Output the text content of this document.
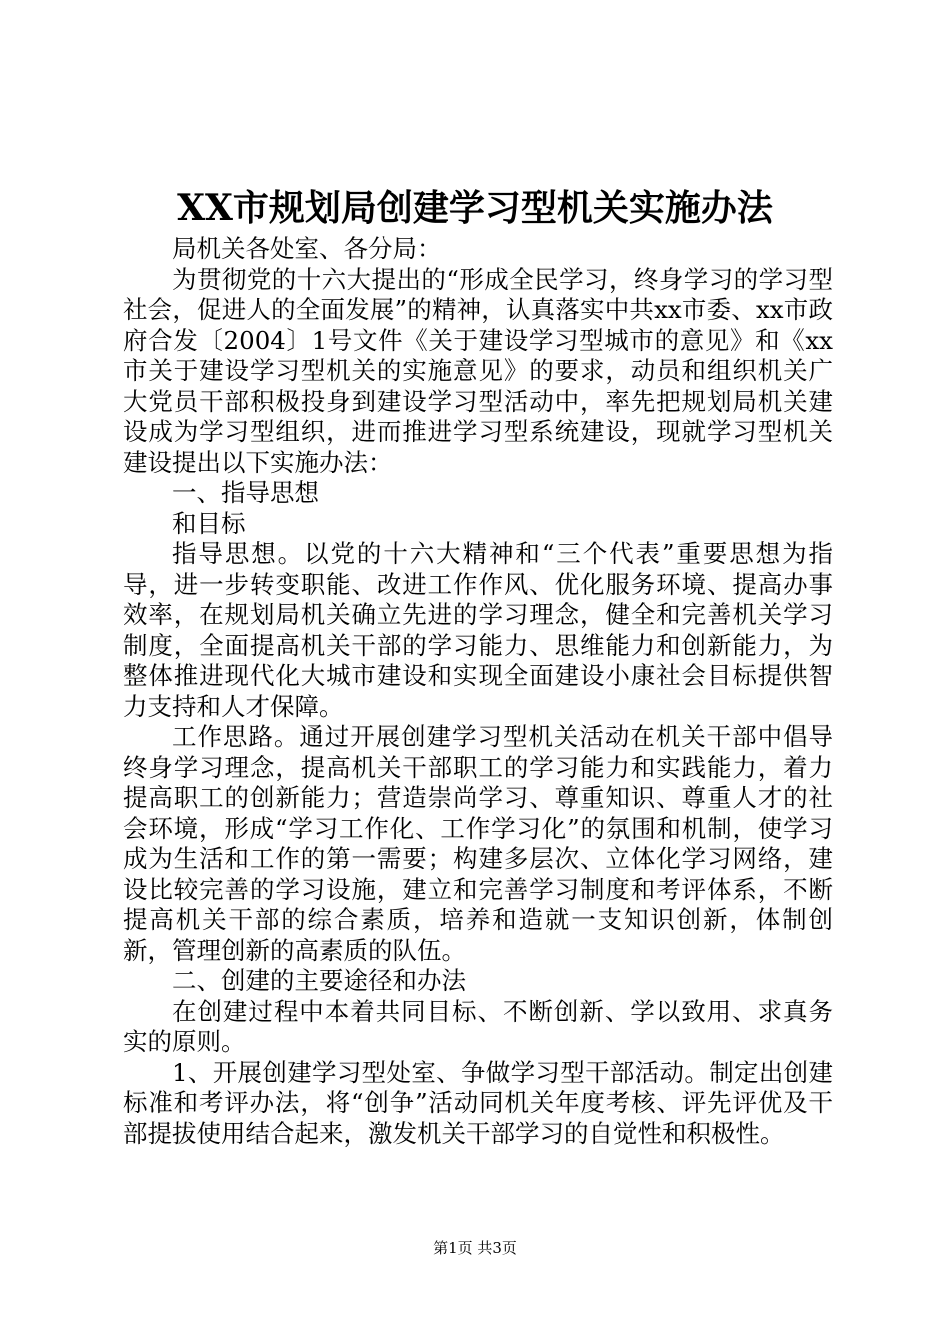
XX市规划局创建学习型机关实施办法

局机关各处室、各分局：

为贯彻党的十六大提出的“形成全民学习，终身学习的学习型社会，促进人的全面发展”的精神，认真落实中共xx市委、xx市政府合发〔2004〕1号文件《关于建设学习型城市的意见》和《xx市关于建设学习型机关的实施意见》的要求，动员和组织机关广大党员干部积极投身到建设学习型活动中，率先把规划局机关建设成为学习型组织，进而推进学习型系统建设，现就学习型机关建设提出以下实施办法：

一、指导思想

和目标

指导思想。以党的十六大精神和“三个代表”重要思想为指导，进一步转变职能、改进工作作风、优化服务环境、提高办事效率，在规划局机关确立先进的学习理念，健全和完善机关学习制度，全面提高机关干部的学习能力、思维能力和创新能力，为整体推进现代化大城市建设和实现全面建设小康社会目标提供智力支持和人才保障。

工作思路。通过开展创建学习型机关活动在机关干部中倡导终身学习理念，提高机关干部职工的学习能力和实践能力，着力提高职工的创新能力；营造崇尚学习、尊重知识、尊重人才的社会环境，形成“学习工作化、工作学习化”的氛围和机制，使学习成为生活和工作的第一需要；构建多层次、立体化学习网络，建设比较完善的学习设施，建立和完善学习制度和考评体系，不断提高机关干部的综合素质，培养和造就一支知识创新，体制创新，管理创新的高素质的队伍。

二、创建的主要途径和办法

在创建过程中本着共同目标、不断创新、学以致用、求真务实的原则。

1、开展创建学习型处室、争做学习型干部活动。制定出创建标准和考评办法，将“创争”活动同机关年度考核、评先评优及干部提拔使用结合起来，激发机关干部学习的自觉性和积极性。

第1页 共3页
